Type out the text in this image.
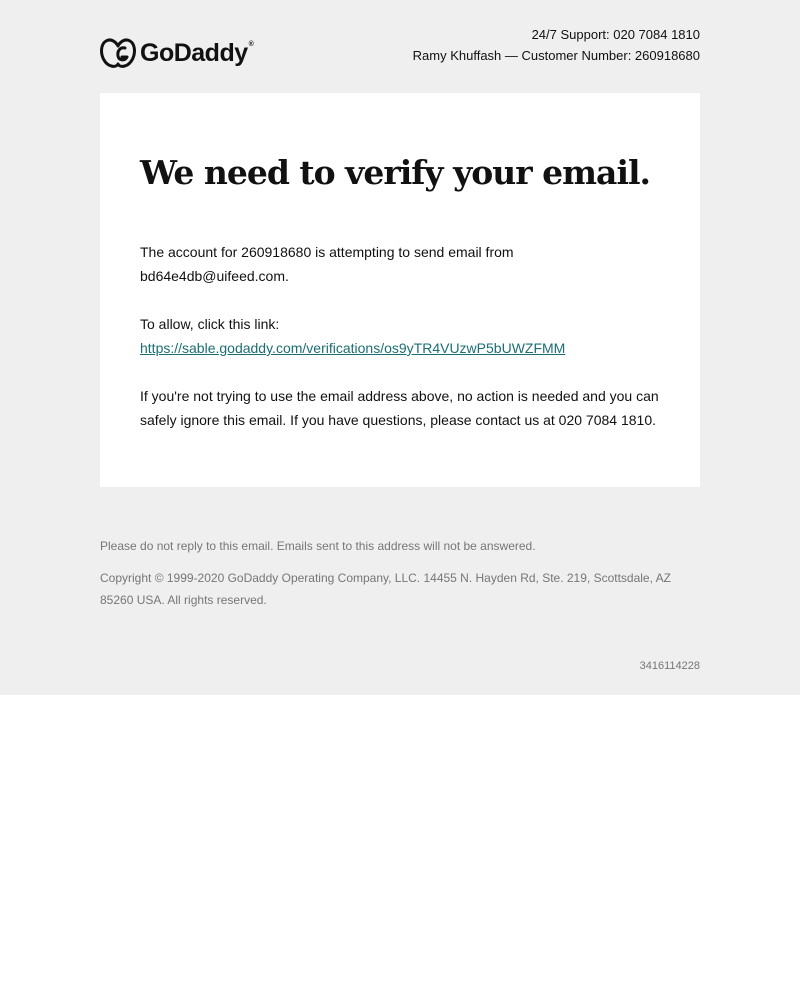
GoDaddy®
24/7 Support: 020 7084 1810
Ramy Khuffash — Customer Number: 260918680
We need to verify your email.

The account for 260918680 is attempting to send email from bd64e4db@uifeed.com.

To allow, click this link:
https://sable.godaddy.com/verifications/os9yTR4VUzwP5bUWZFMM

If you're not trying to use the email address above, no action is needed and you can safely ignore this email. If you have questions, please contact us at 020 7084 1810.

Please do not reply to this email. Emails sent to this address will not be answered.

Copyright © 1999-2020 GoDaddy Operating Company, LLC. 14455 N. Hayden Rd, Ste. 219, Scottsdale, AZ 85260 USA. All rights reserved.

3416114228
